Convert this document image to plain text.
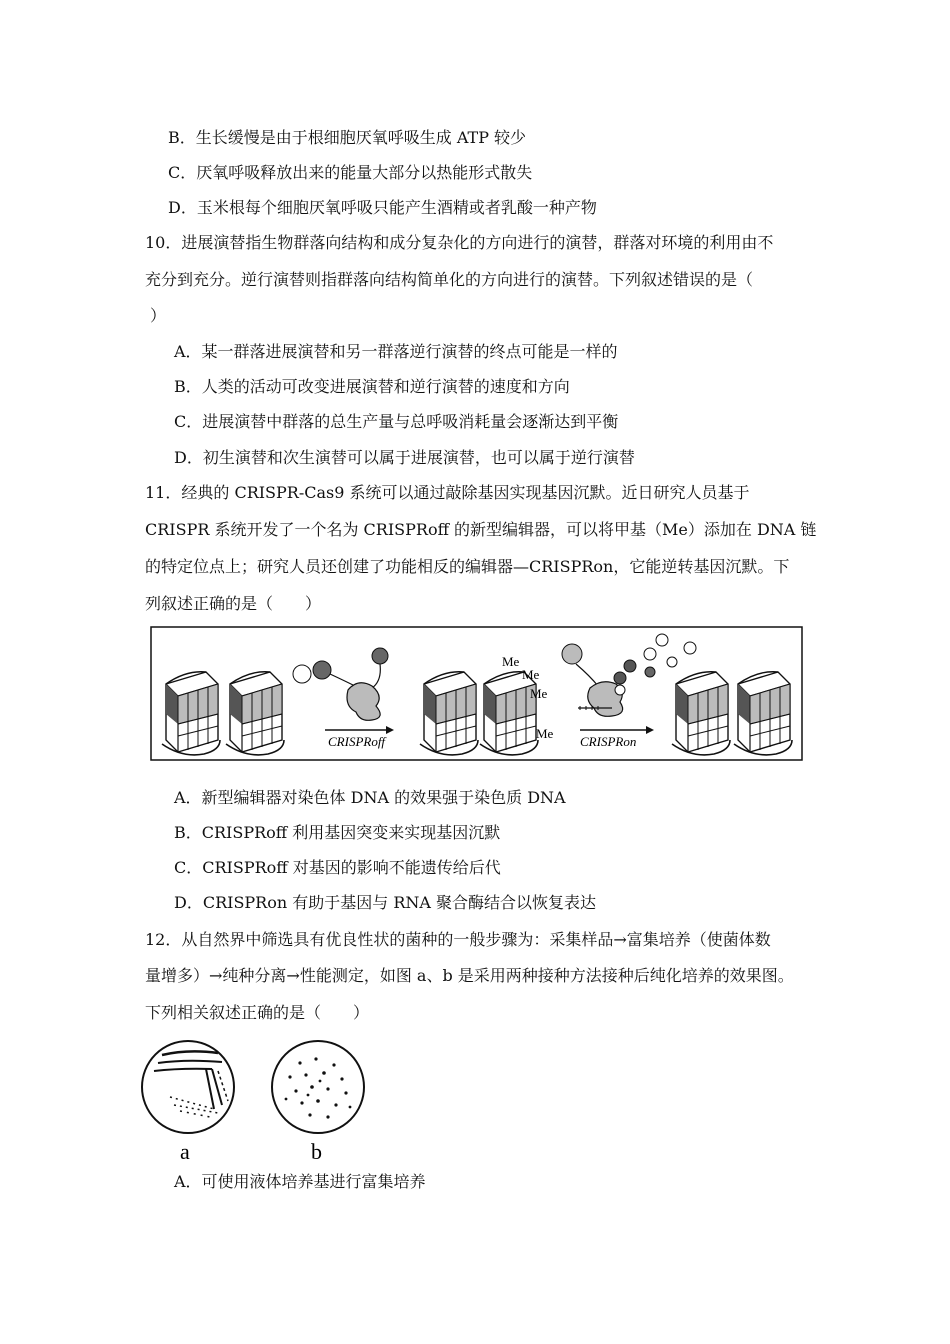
B．生长缓慢是由于根细胞厌氧呼吸生成 ATP 较少
C．厌氧呼吸释放出来的能量大部分以热能形式散失
D．玉米根每个细胞厌氧呼吸只能产生酒精或者乳酸一种产物
10．进展演替指生物群落向结构和成分复杂化的方向进行的演替，群落对环境的利用由不
充分到充分。逆行演替则指群落向结构简单化的方向进行的演替。下列叙述错误的是（
）
A．某一群落进展演替和另一群落逆行演替的终点可能是一样的
B．人类的活动可改变进展演替和逆行演替的速度和方向
C．进展演替中群落的总生产量与总呼吸消耗量会逐渐达到平衡
D．初生演替和次生演替可以属于进展演替，也可以属于逆行演替
11．经典的 CRISPR-Cas9 系统可以通过敲除基因实现基因沉默。近日研究人员基于
CRISPR 系统开发了一个名为 CRISPRoff 的新型编辑器，可以将甲基（Me）添加在 DNA 链
的特定位点上；研究人员还创建了功能相反的编辑器—CRISPRon，它能逆转基因沉默。下
列叙述正确的是（　　）
CRISPRoff
Me
Me
Me
Me
CRISPRon
A．新型编辑器对染色体 DNA 的效果强于染色质 DNA
B．CRISPRoff 利用基因突变来实现基因沉默
C．CRISPRoff 对基因的影响不能遗传给后代
D．CRISPRon 有助于基因与 RNA 聚合酶结合以恢复表达
12．从自然界中筛选具有优良性状的菌种的一般步骤为：采集样品→富集培养（使菌体数
量增多）→纯种分离→性能测定，如图 a、b 是采用两种接种方法接种后纯化培养的效果图。
下列相关叙述正确的是（　　）
a	b
A．可使用液体培养基进行富集培养
